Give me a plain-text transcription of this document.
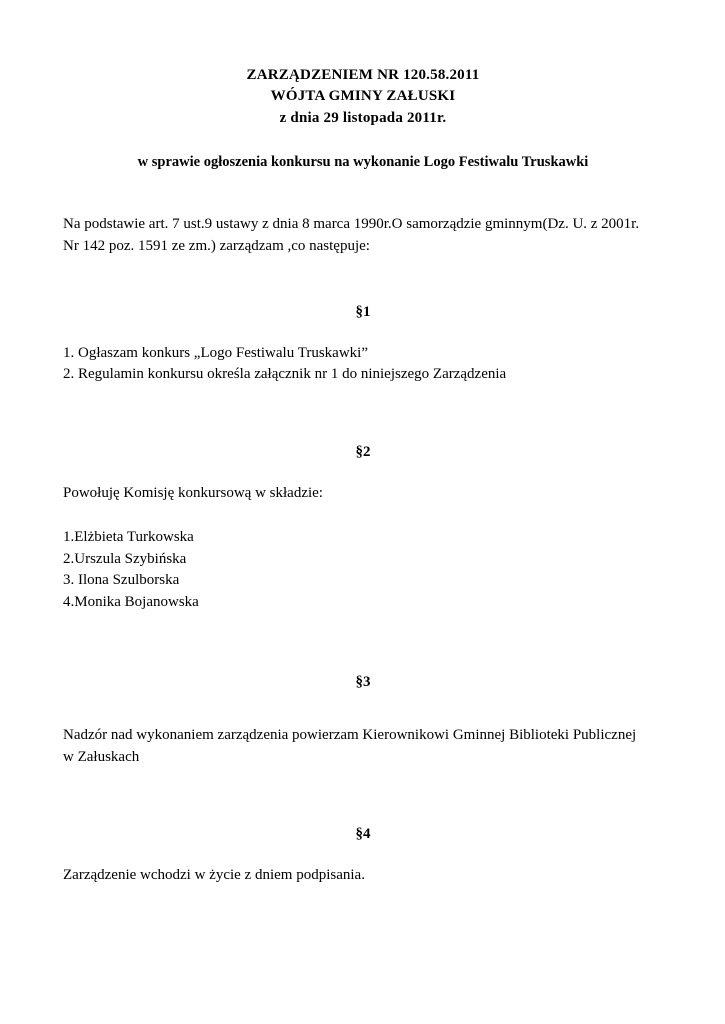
ZARZĄDZENIEM NR 120.58.2011
WÓJTA GMINY ZAŁUSKI
z dnia 29 listopada 2011r.
w sprawie ogłoszenia konkursu na wykonanie Logo Festiwalu Truskawki
Na podstawie art. 7 ust.9 ustawy z dnia 8 marca 1990r.O samorządzie gminnym(Dz. U. z 2001r.
Nr 142 poz. 1591 ze zm.) zarządzam ,co następuje:
§1
1. Ogłaszam konkurs „Logo Festiwalu Truskawki”
2. Regulamin konkursu określa załącznik nr 1 do niniejszego Zarządzenia
§2
Powołuję Komisję konkursową w składzie:
1.Elżbieta Turkowska
2.Urszula Szybińska
3. Ilona Szulborska
4.Monika Bojanowska
§3
Nadzór nad wykonaniem zarządzenia powierzam Kierownikowi Gminnej Biblioteki Publicznej
w Załuskach
§4
Zarządzenie wchodzi w życie z dniem podpisania.
